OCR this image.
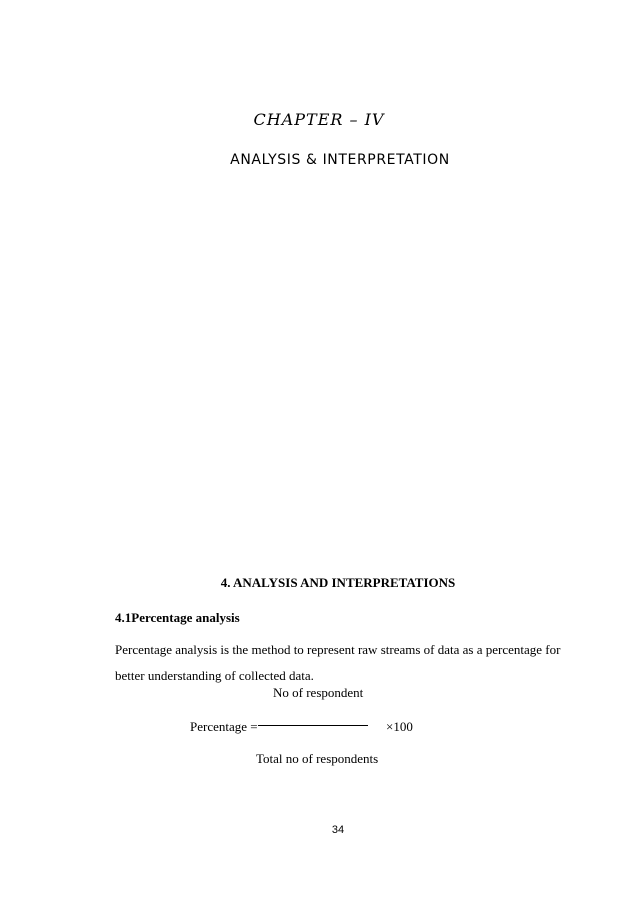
CHAPTER – IV
ANALYSIS & INTERPRETATION
4. ANALYSIS AND INTERPRETATIONS
4.1Percentage analysis
Percentage analysis is the method to represent raw streams of data as a percentage for better understanding of collected data.
No of respondent
Percentage =	×100
Total no of respondents
34
